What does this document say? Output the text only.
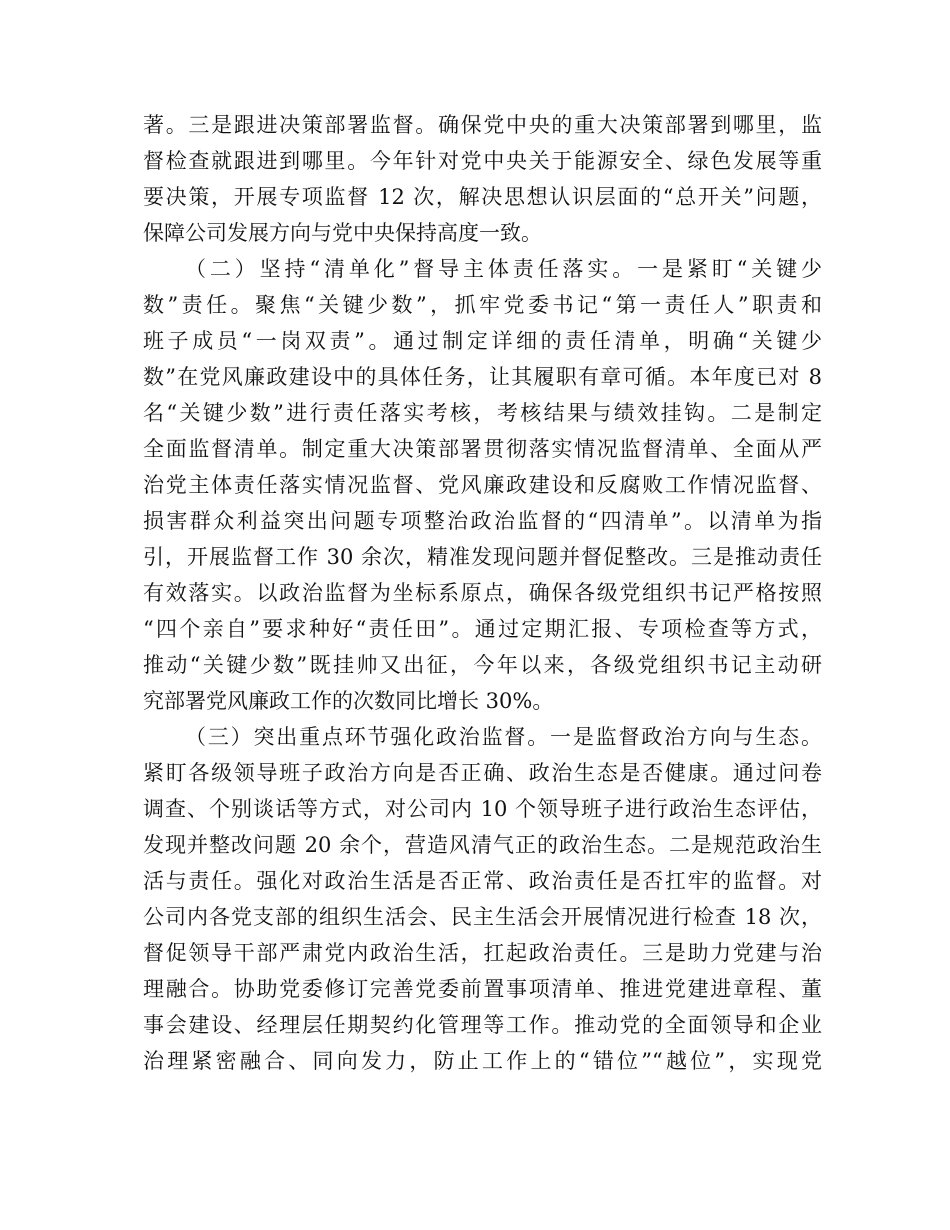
著。三是跟进决策部署监督。确保党中央的重大决策部署到哪里，监
督检查就跟进到哪里。今年针对党中央关于能源安全、绿色发展等重
要决策，开展专项监督 12 次，解决思想认识层面的“总开关”问题，
保障公司发展方向与党中央保持高度一致。
（二）坚持“清单化”督导主体责任落实。一是紧盯“关键少
数”责任。聚焦“关键少数”，抓牢党委书记“第一责任人”职责和
班子成员“一岗双责”。通过制定详细的责任清单，明确“关键少
数”在党风廉政建设中的具体任务，让其履职有章可循。本年度已对 8
名“关键少数”进行责任落实考核，考核结果与绩效挂钩。二是制定
全面监督清单。制定重大决策部署贯彻落实情况监督清单、全面从严
治党主体责任落实情况监督、党风廉政建设和反腐败工作情况监督、
损害群众利益突出问题专项整治政治监督的“四清单”。以清单为指
引，开展监督工作 30 余次，精准发现问题并督促整改。三是推动责任
有效落实。以政治监督为坐标系原点，确保各级党组织书记严格按照
“四个亲自”要求种好“责任田”。通过定期汇报、专项检查等方式，
推动“关键少数”既挂帅又出征，今年以来，各级党组织书记主动研
究部署党风廉政工作的次数同比增长 30%。
（三）突出重点环节强化政治监督。一是监督政治方向与生态。
紧盯各级领导班子政治方向是否正确、政治生态是否健康。通过问卷
调查、个别谈话等方式，对公司内 10 个领导班子进行政治生态评估，
发现并整改问题 20 余个，营造风清气正的政治生态。二是规范政治生
活与责任。强化对政治生活是否正常、政治责任是否扛牢的监督。对
公司内各党支部的组织生活会、民主生活会开展情况进行检查 18 次，
督促领导干部严肃党内政治生活，扛起政治责任。三是助力党建与治
理融合。协助党委修订完善党委前置事项清单、推进党建进章程、董
事会建设、经理层任期契约化管理等工作。推动党的全面领导和企业
治理紧密融合、同向发力，防止工作上的“错位”“越位”，实现党
